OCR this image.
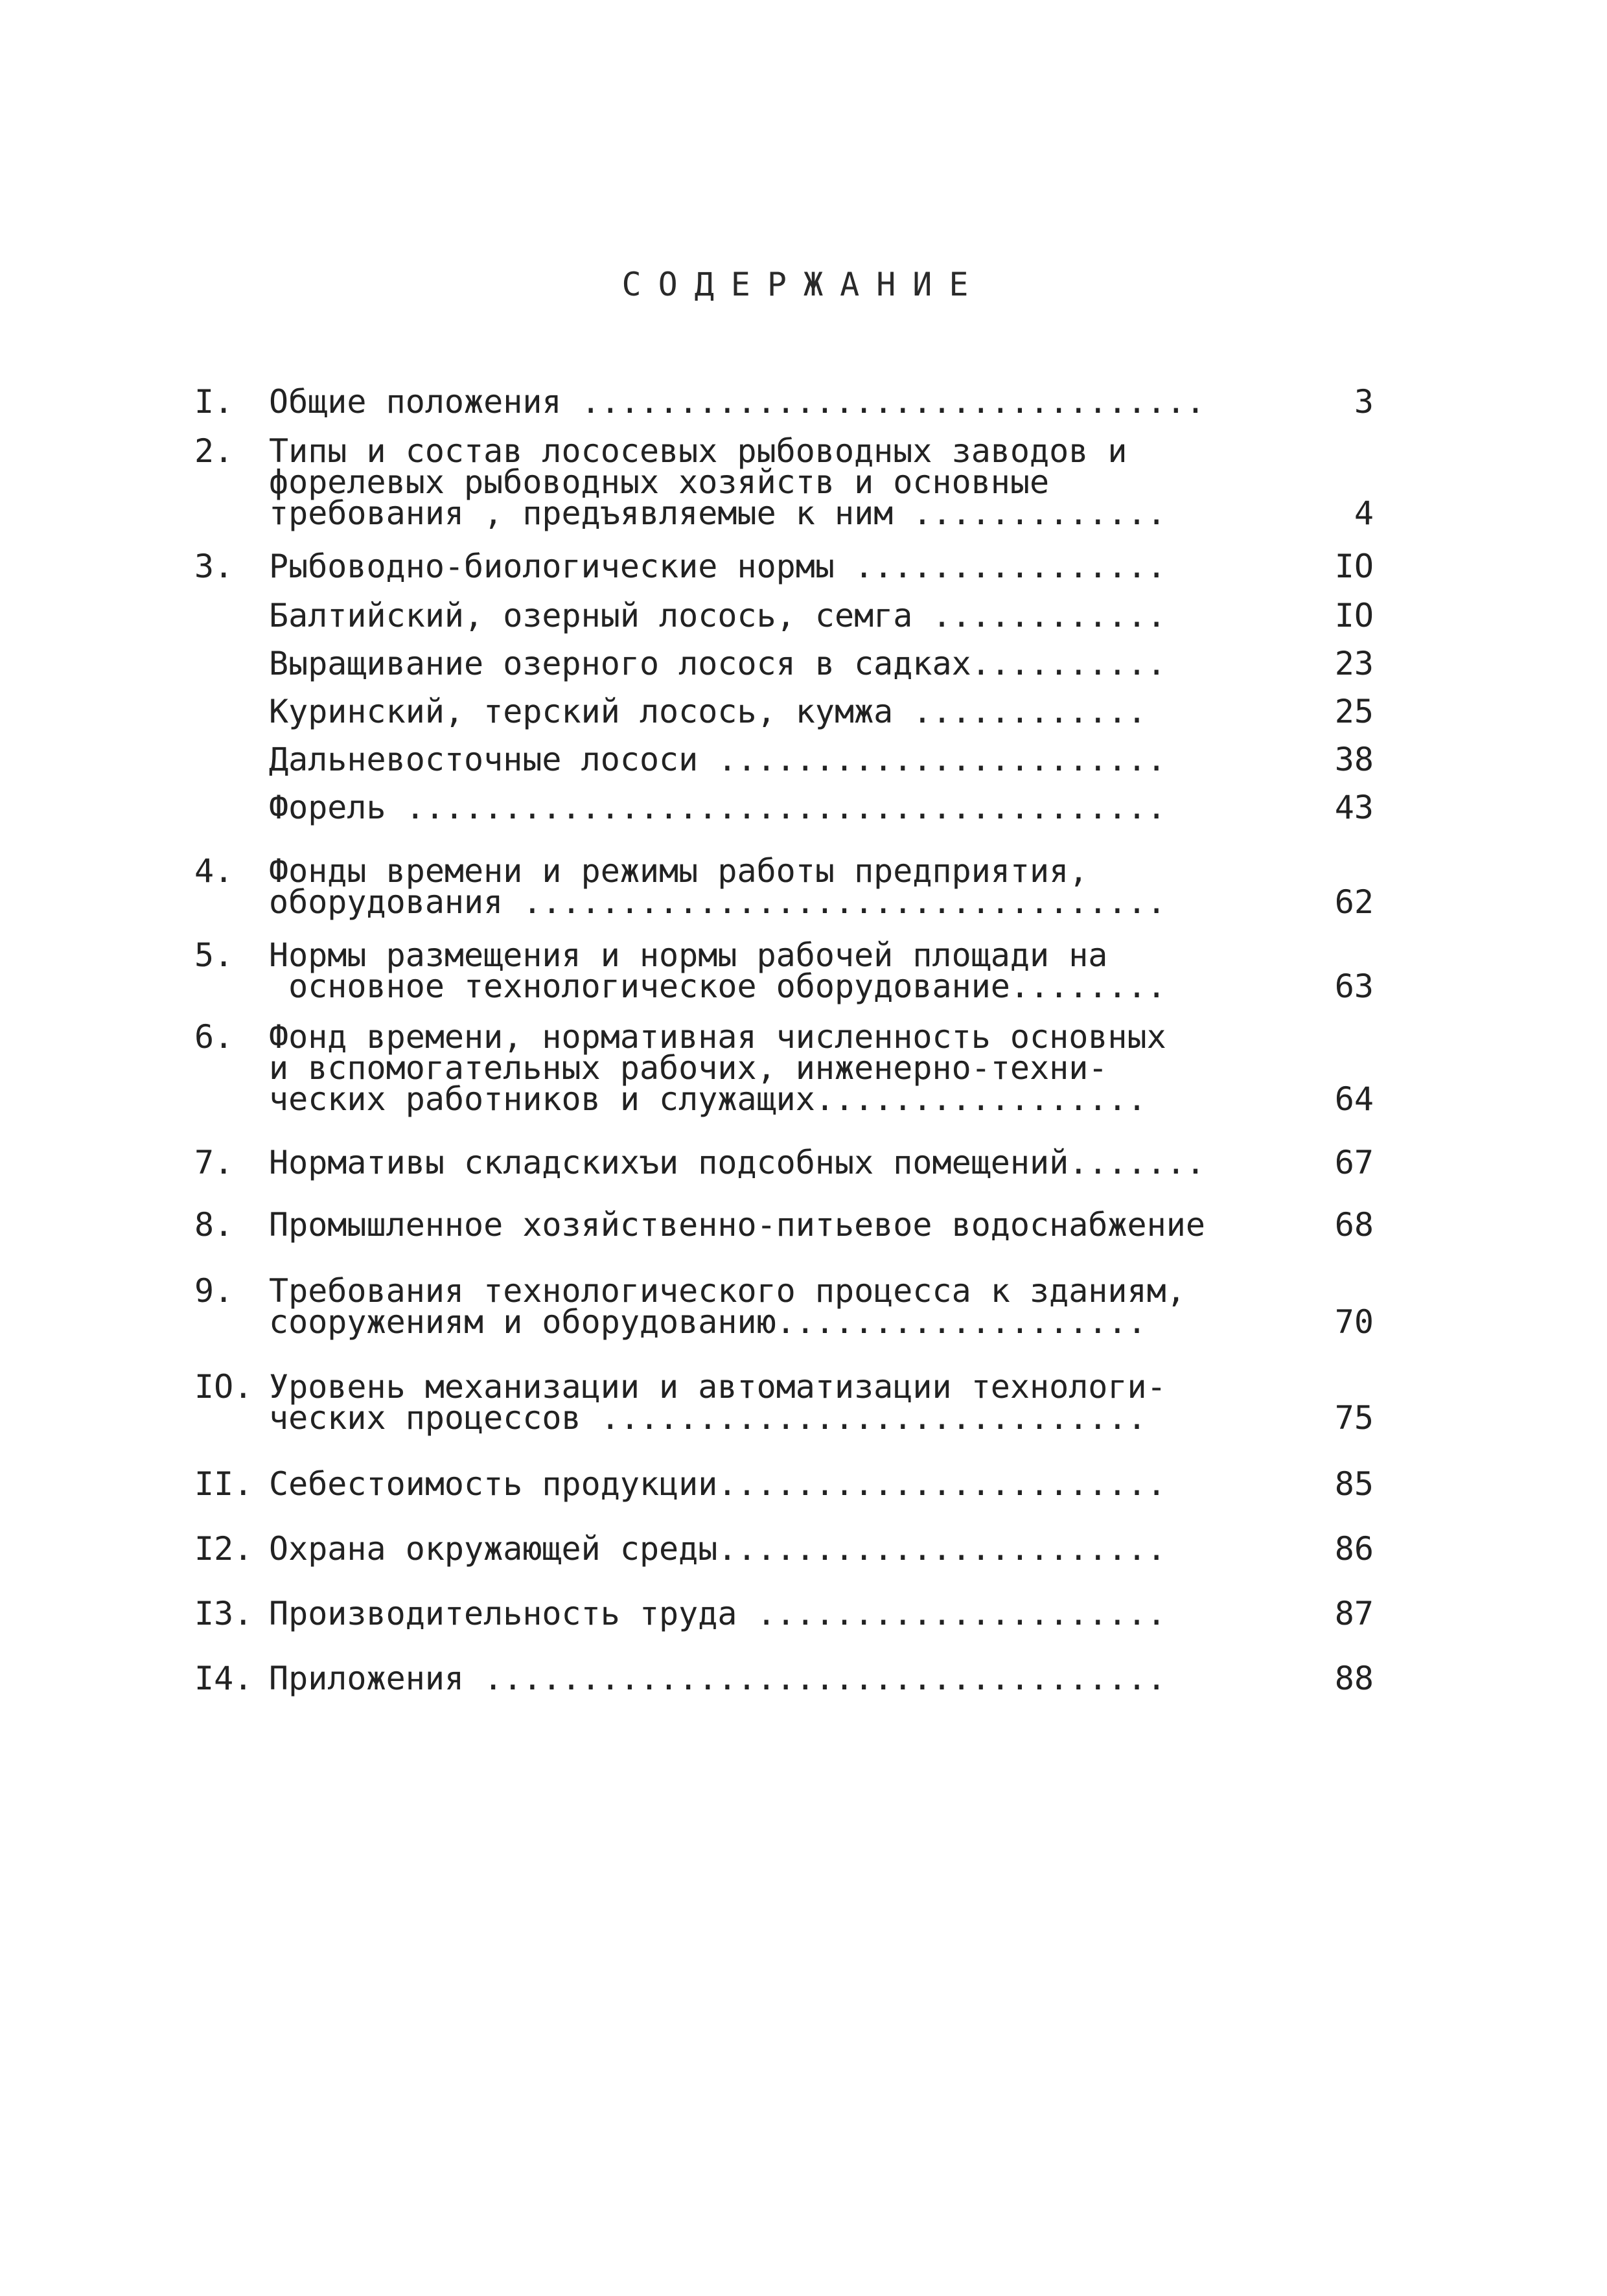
СОДЕРЖАНИЕ
I.	Общие положения ................................	3
2.	Типы и состав лососевых рыбоводных заводов и
форелевых рыбоводных хозяйств и основные
требования , предъявляемые к ним .............	4
3.	Рыбоводно-биологические нормы ................	IO
Балтийский, озерный лосось, семга ............	IO
Выращивание озерного лосося в садках..........	23
Куринский, терский лосось, кумжа ............	25
Дальневосточные лососи .......................	38
Форель .......................................	43
4.	Фонды времени и режимы работы предприятия,
оборудования .................................	62
5.	Нормы размещения и нормы рабочей площади на
основное технологическое оборудование........	63
6.	Фонд времени, нормативная численность основных
и вспомогательных рабочих, инженерно-техни-
ческих работников и служащих.................	64
7.	Нормативы складскихъи подсобных помещений.......	67
8.	Промышленное хозяйственно-питьевое водоснабжение	68
9.	Требования технологического процесса к зданиям,
сооружениям и оборудованию...................	70
IO. Уровень механизации и автоматизации технологи-
ческих процессов ............................	75
II. Себестоимость продукции.......................	85
I2. Охрана окружающей среды.......................	86
I3. Производительность труда .....................	87
I4. Приложения ...................................	88
